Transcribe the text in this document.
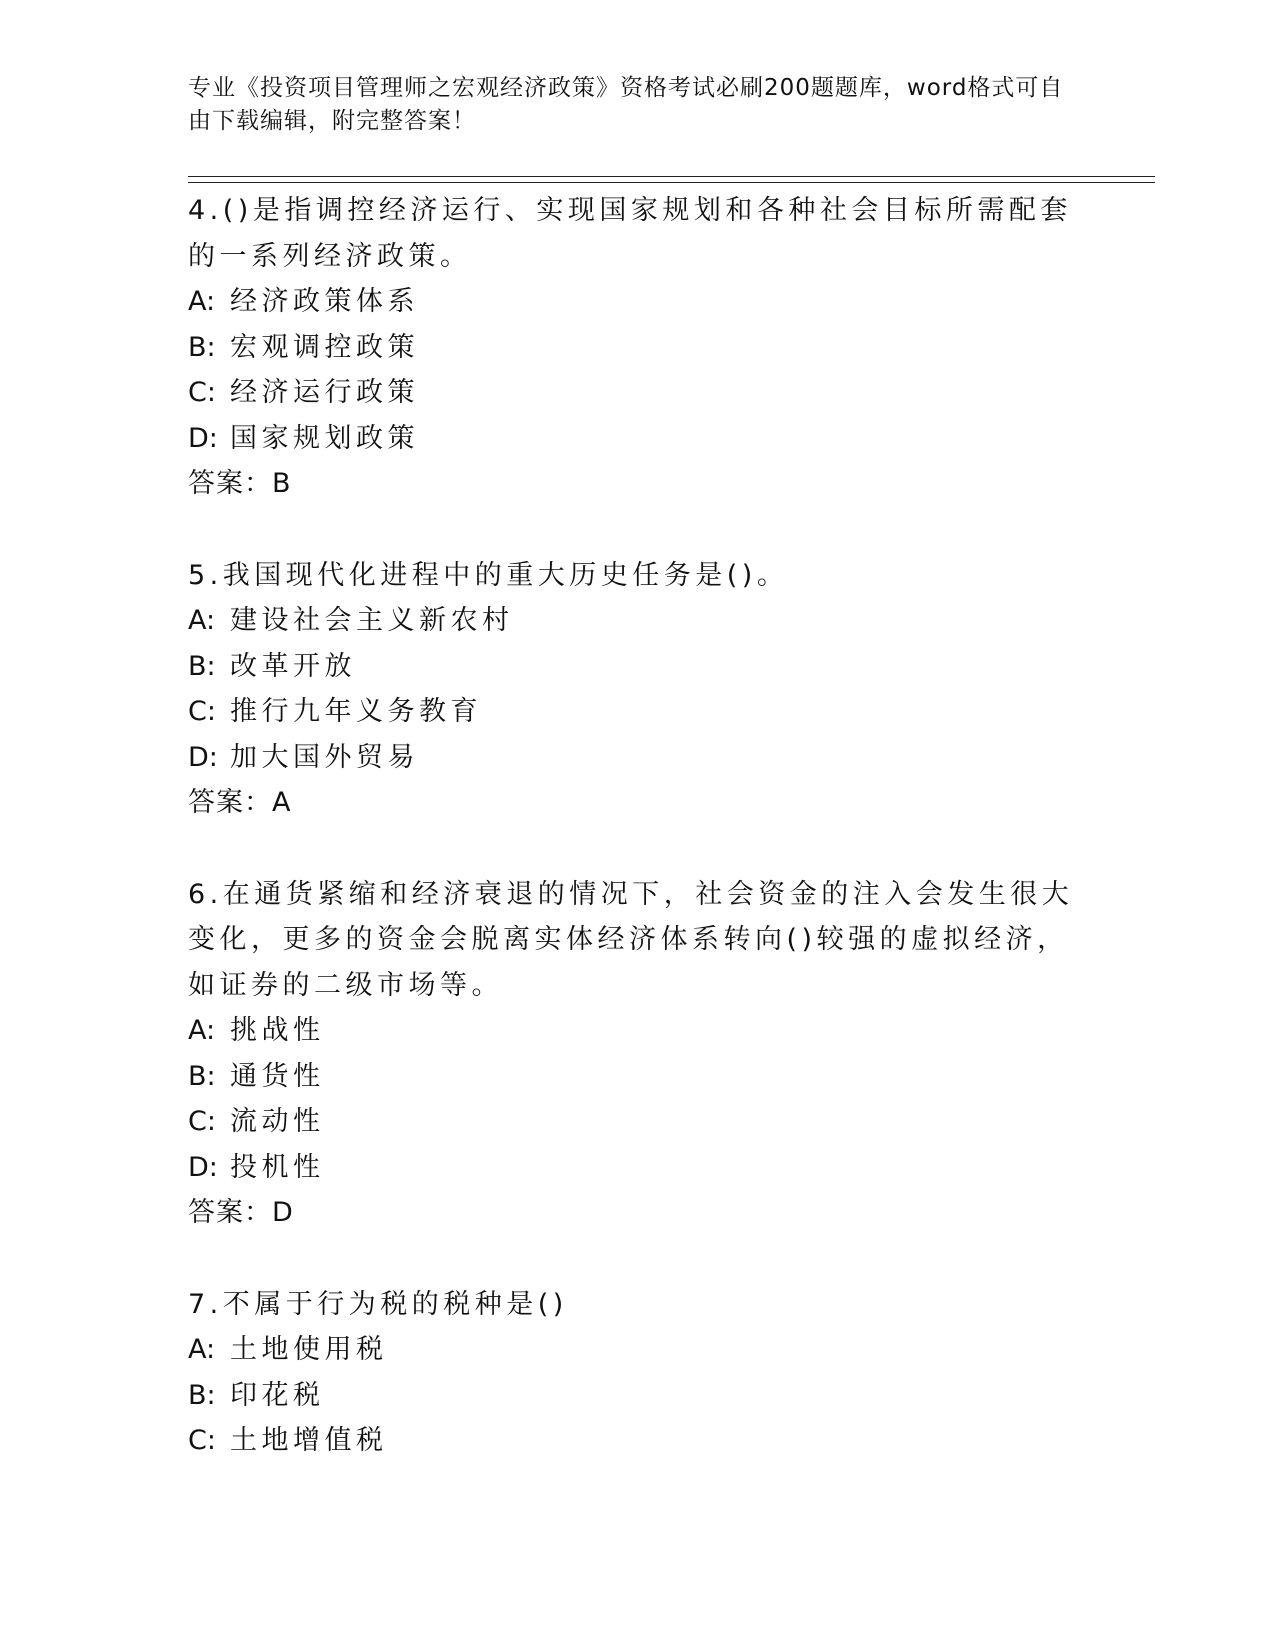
专业《投资项目管理师之宏观经济政策》资格考试必刷200题题库，word格式可自由下载编辑，附完整答案！

4.()是指调控经济运行、实现国家规划和各种社会目标所需配套的一系列经济政策。

A: 经济政策体系
B: 宏观调控政策
C: 经济运行政策
D: 国家规划政策

答案：B

5.我国现代化进程中的重大历史任务是()。

A: 建设社会主义新农村
B: 改革开放
C: 推行九年义务教育
D: 加大国外贸易

答案：A

6.在通货紧缩和经济衰退的情况下，社会资金的注入会发生很大变化，更多的资金会脱离实体经济体系转向()较强的虚拟经济，如证券的二级市场等。

A: 挑战性
B: 通货性
C: 流动性
D: 投机性

答案：D

7.不属于行为税的税种是()

A: 土地使用税
B: 印花税
C: 土地增值税
